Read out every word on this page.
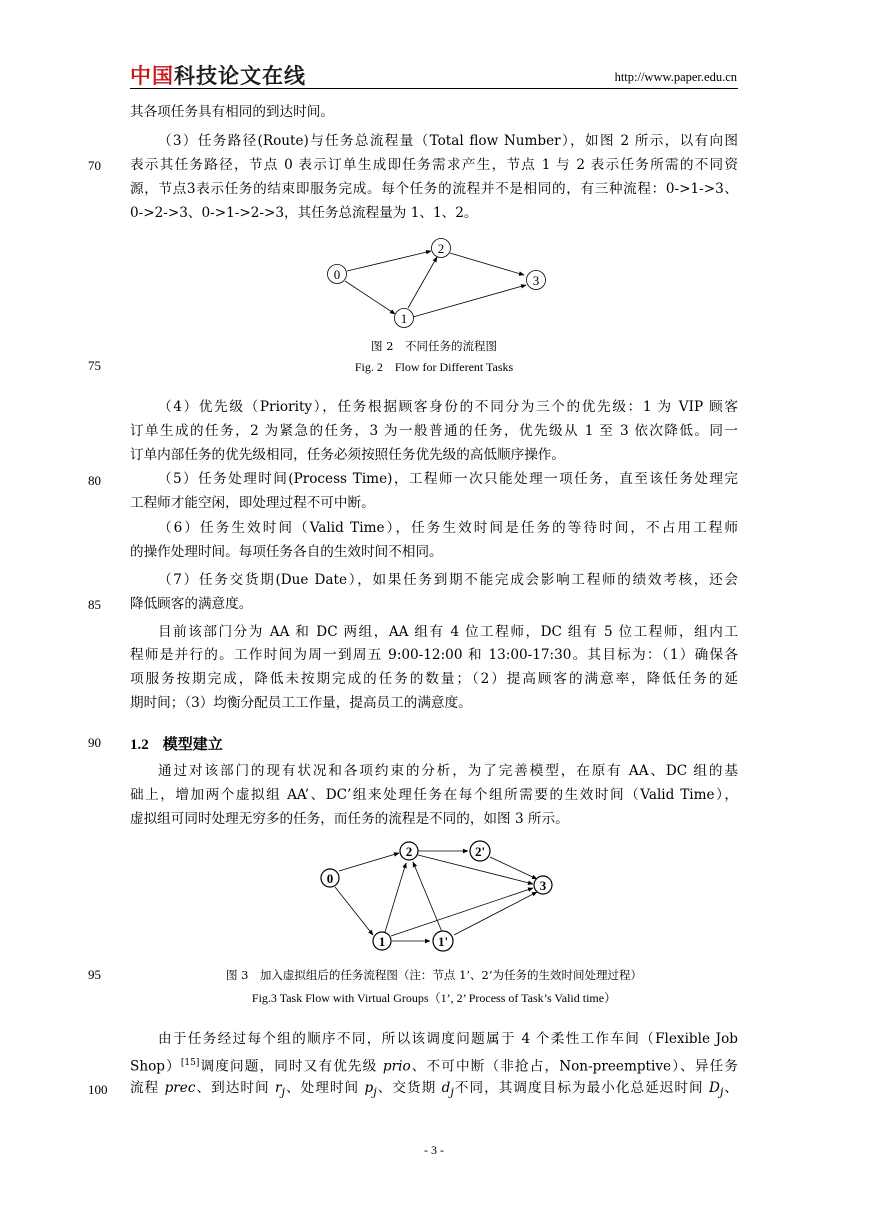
中国科技论文在线	http://www.paper.edu.cn
其各项任务具有相同的到达时间。
（3）任务路径(Route)与任务总流程量（Total flow Number），如图 2 所示，以有向图
表示其任务路径，节点 0 表示订单生成即任务需求产生，节点 1 与 2 表示任务所需的不同资
源，节点3表示任务的结束即服务完成。每个任务的流程并不是相同的，有三种流程：0->1->3、
0->2->3、0->1->2->3，其任务总流程量为 1、1、2。
0
1
2
3
图 2　不同任务的流程图
Fig. 2　Flow for Different Tasks
70
75
80
85
90
95
100
（4）优先级（Priority），任务根据顾客身份的不同分为三个的优先级：1 为 VIP 顾客
订单生成的任务，2 为紧急的任务，3 为一般普通的任务，优先级从 1 至 3 依次降低。同一
订单内部任务的优先级相同，任务必须按照任务优先级的高低顺序操作。
（5）任务处理时间(Process Time)，工程师一次只能处理一项任务，直至该任务处理完
工程师才能空闲，即处理过程不可中断。
（6）任务生效时间（Valid Time），任务生效时间是任务的等待时间，不占用工程师
的操作处理时间。每项任务各自的生效时间不相同。
（7）任务交货期(Due Date），如果任务到期不能完成会影响工程师的绩效考核，还会
降低顾客的满意度。
目前该部门分为 AA 和 DC 两组，AA 组有 4 位工程师，DC 组有 5 位工程师，组内工
程师是并行的。工作时间为周一到周五 9:00-12:00 和 13:00-17:30。其目标为：（1）确保各
项服务按期完成，降低未按期完成的任务的数量；（2）提高顾客的满意率，降低任务的延
期时间；（3）均衡分配员工工作量，提高员工的满意度。
1.2 模型建立
通过对该部门的现有状况和各项约束的分析，为了完善模型，在原有 AA、DC 组的基
础上，增加两个虚拟组 AA’、DC’组来处理任务在每个组所需要的生效时间（Valid Time），
虚拟组可同时处理无穷多的任务，而任务的流程是不同的，如图 3 所示。
0
1	1'
2	2'
3
图 3　加入虚拟组后的任务流程图（注：节点 1’、2’为任务的生效时间处理过程）
Fig.3 Task Flow with Virtual Groups（1’, 2’ Process of Task’s Valid time）
由于任务经过每个组的顺序不同，所以该调度问题属于 4 个柔性工作车间（Flexible Job
Shop）[15]调度问题，同时又有优先级 prio、不可中断（非抢占，Non-preemptive）、异任务
流程 prec、到达时间 $r_j$、处理时间 $p_j$、交货期 $d_j$不同，其调度目标为最小化总延迟时间 $D_j$、
- 3 -
